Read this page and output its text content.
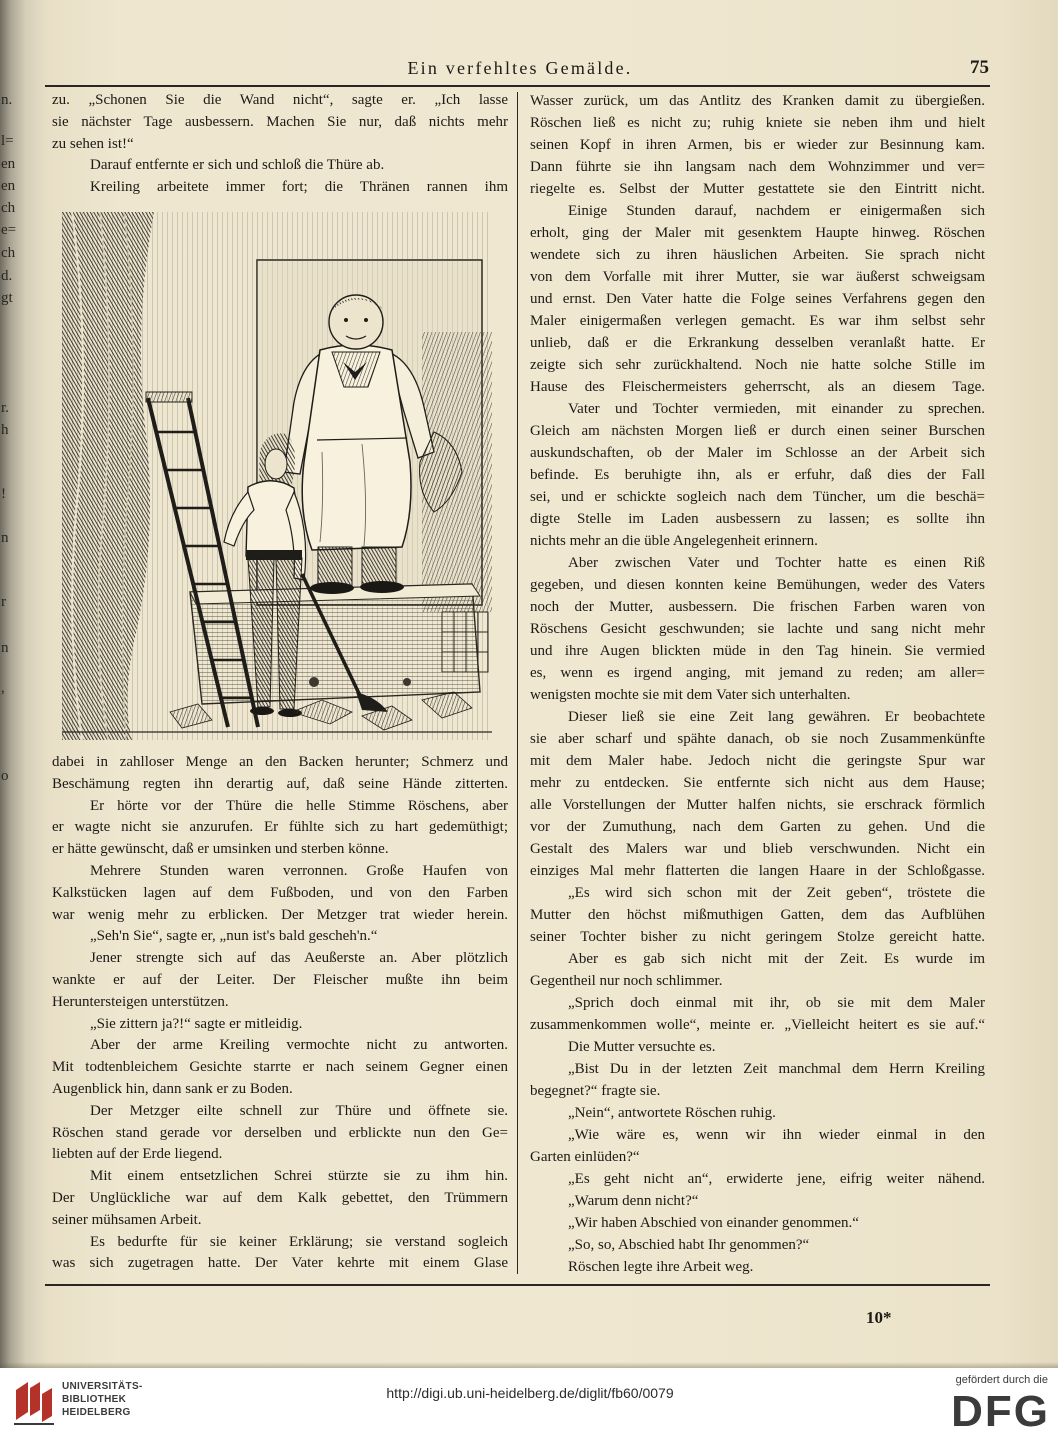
n.
l=
en
en
ch
e=
ch
d.
gt
r.
h
!
n
r
n
,
o
Ein verfehltes Gemälde.	75
zu. „Schonen Sie die Wand nicht“, sagte er. „Ich lasse
sie nächster Tage ausbessern. Machen Sie nur, daß nichts mehr
zu sehen ist!“
Darauf entfernte er sich und schloß die Thüre ab.
Kreiling arbeitete immer fort; die Thränen rannen ihm
dabei in zahlloser Menge an den Backen herunter; Schmerz und
Beschämung regten ihn derartig auf, daß seine Hände zitterten.
Er hörte vor der Thüre die helle Stimme Röschens, aber
er wagte nicht sie anzurufen. Er fühlte sich zu hart gedemüthigt;
er hätte gewünscht, daß er umsinken und sterben könne.
Mehrere Stunden waren verronnen. Große Haufen von
Kalkstücken lagen auf dem Fußboden, und von den Farben
war wenig mehr zu erblicken. Der Metzger trat wieder herein.
„Seh'n Sie“, sagte er, „nun ist's bald gescheh'n.“
Jener strengte sich auf das Aeußerste an. Aber plötzlich
wankte er auf der Leiter. Der Fleischer mußte ihn beim
Heruntersteigen unterstützen.
„Sie zittern ja?!“ sagte er mitleidig.
Aber der arme Kreiling vermochte nicht zu antworten.
Mit todtenbleichem Gesichte starrte er nach seinem Gegner einen
Augenblick hin, dann sank er zu Boden.
Der Metzger eilte schnell zur Thüre und öffnete sie.
Röschen stand gerade vor derselben und erblickte nun den Ge=
liebten auf der Erde liegend.
Mit einem entsetzlichen Schrei stürzte sie zu ihm hin.
Der Unglückliche war auf dem Kalk gebettet, den Trümmern
seiner mühsamen Arbeit.
Es bedurfte für sie keiner Erklärung; sie verstand sogleich
was sich zugetragen hatte. Der Vater kehrte mit einem Glase
Wasser zurück, um das Antlitz des Kranken damit zu übergießen.
Röschen ließ es nicht zu; ruhig kniete sie neben ihm und hielt
seinen Kopf in ihren Armen, bis er wieder zur Besinnung kam.
Dann führte sie ihn langsam nach dem Wohnzimmer und ver=
riegelte es. Selbst der Mutter gestattete sie den Eintritt nicht.
Einige Stunden darauf, nachdem er einigermaßen sich
erholt, ging der Maler mit gesenktem Haupte hinweg. Röschen
wendete sich zu ihren häuslichen Arbeiten. Sie sprach nicht
von dem Vorfalle mit ihrer Mutter, sie war äußerst schweigsam
und ernst. Den Vater hatte die Folge seines Verfahrens gegen den
Maler einigermaßen verlegen gemacht. Es war ihm selbst sehr
unlieb, daß er die Erkrankung desselben veranlaßt hatte. Er
zeigte sich sehr zurückhaltend. Noch nie hatte solche Stille im
Hause des Fleischermeisters geherrscht, als an diesem Tage.
Vater und Tochter vermieden, mit einander zu sprechen.
Gleich am nächsten Morgen ließ er durch einen seiner Burschen
auskundschaften, ob der Maler im Schlosse an der Arbeit sich
befinde. Es beruhigte ihn, als er erfuhr, daß dies der Fall
sei, und er schickte sogleich nach dem Tüncher, um die beschä=
digte Stelle im Laden ausbessern zu lassen; es sollte ihn
nichts mehr an die üble Angelegenheit erinnern.
Aber zwischen Vater und Tochter hatte es einen Riß
gegeben, und diesen konnten keine Bemühungen, weder des Vaters
noch der Mutter, ausbessern. Die frischen Farben waren von
Röschens Gesicht geschwunden; sie lachte und sang nicht mehr
und ihre Augen blickten müde in den Tag hinein. Sie vermied
es, wenn es irgend anging, mit jemand zu reden; am aller=
wenigsten mochte sie mit dem Vater sich unterhalten.
Dieser ließ sie eine Zeit lang gewähren. Er beobachtete
sie aber scharf und spähte danach, ob sie noch Zusammenkünfte
mit dem Maler habe. Jedoch nicht die geringste Spur war
mehr zu entdecken. Sie entfernte sich nicht aus dem Hause;
alle Vorstellungen der Mutter halfen nichts, sie erschrack förmlich
vor der Zumuthung, nach dem Garten zu gehen. Und die
Gestalt des Malers war und blieb verschwunden. Nicht ein
einziges Mal mehr flatterten die langen Haare in der Schloßgasse.
„Es wird sich schon mit der Zeit geben“, tröstete die
Mutter den höchst mißmuthigen Gatten, dem das Aufblühen
seiner Tochter bisher zu nicht geringem Stolze gereicht hatte.
Aber es gab sich nicht mit der Zeit. Es wurde im
Gegentheil nur noch schlimmer.
„Sprich doch einmal mit ihr, ob sie mit dem Maler
zusammenkommen wolle“, meinte er. „Vielleicht heitert es sie auf.“
Die Mutter versuchte es.
„Bist Du in der letzten Zeit manchmal dem Herrn Kreiling
begegnet?“ fragte sie.
„Nein“, antwortete Röschen ruhig.
„Wie wäre es, wenn wir ihn wieder einmal in den
Garten einlüden?“
„Es geht nicht an“, erwiderte jene, eifrig weiter nähend.
„Warum denn nicht?“
„Wir haben Abschied von einander genommen.“
„So, so, Abschied habt Ihr genommen?“
Röschen legte ihre Arbeit weg.
10*
UNIVERSITÄTS-
BIBLIOTHEK
HEIDELBERG
http://digi.ub.uni-heidelberg.de/diglit/fb60/0079
gefördert durch die
DFG
